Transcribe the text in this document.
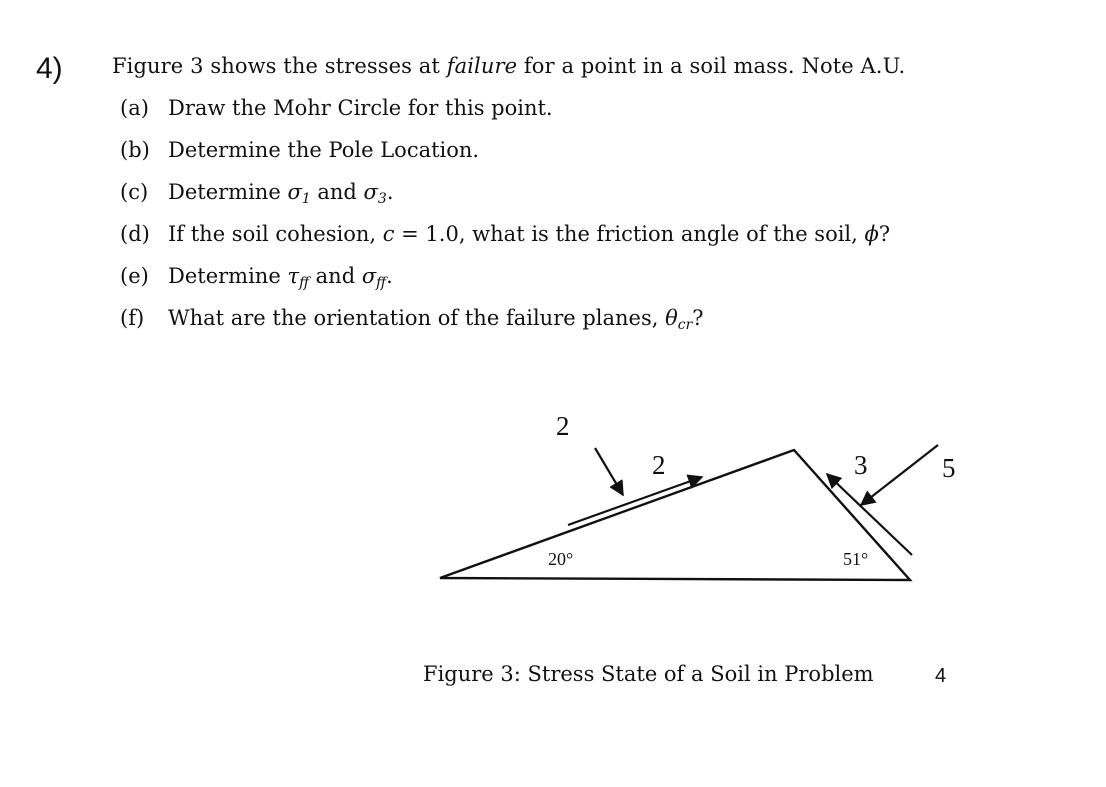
4) Figure 3 shows the stresses at failure for a point in a soil mass. Note A.U.
(a) Draw the Mohr Circle for this point.
(b) Determine the Pole Location.
(c) Determine $\sigma_1$ and $\sigma_3$.
(d) If the soil cohesion, c = 1.0, what is the friction angle of the soil, ϕ?
(e) Determine $\tau_{ff}$ and $\sigma_{ff}$.
(f) What are the orientation of the failure planes, $\theta_{cr}$?
2
2	3	5
20°	51°
Figure 3: Stress State of a Soil in Problem	4
